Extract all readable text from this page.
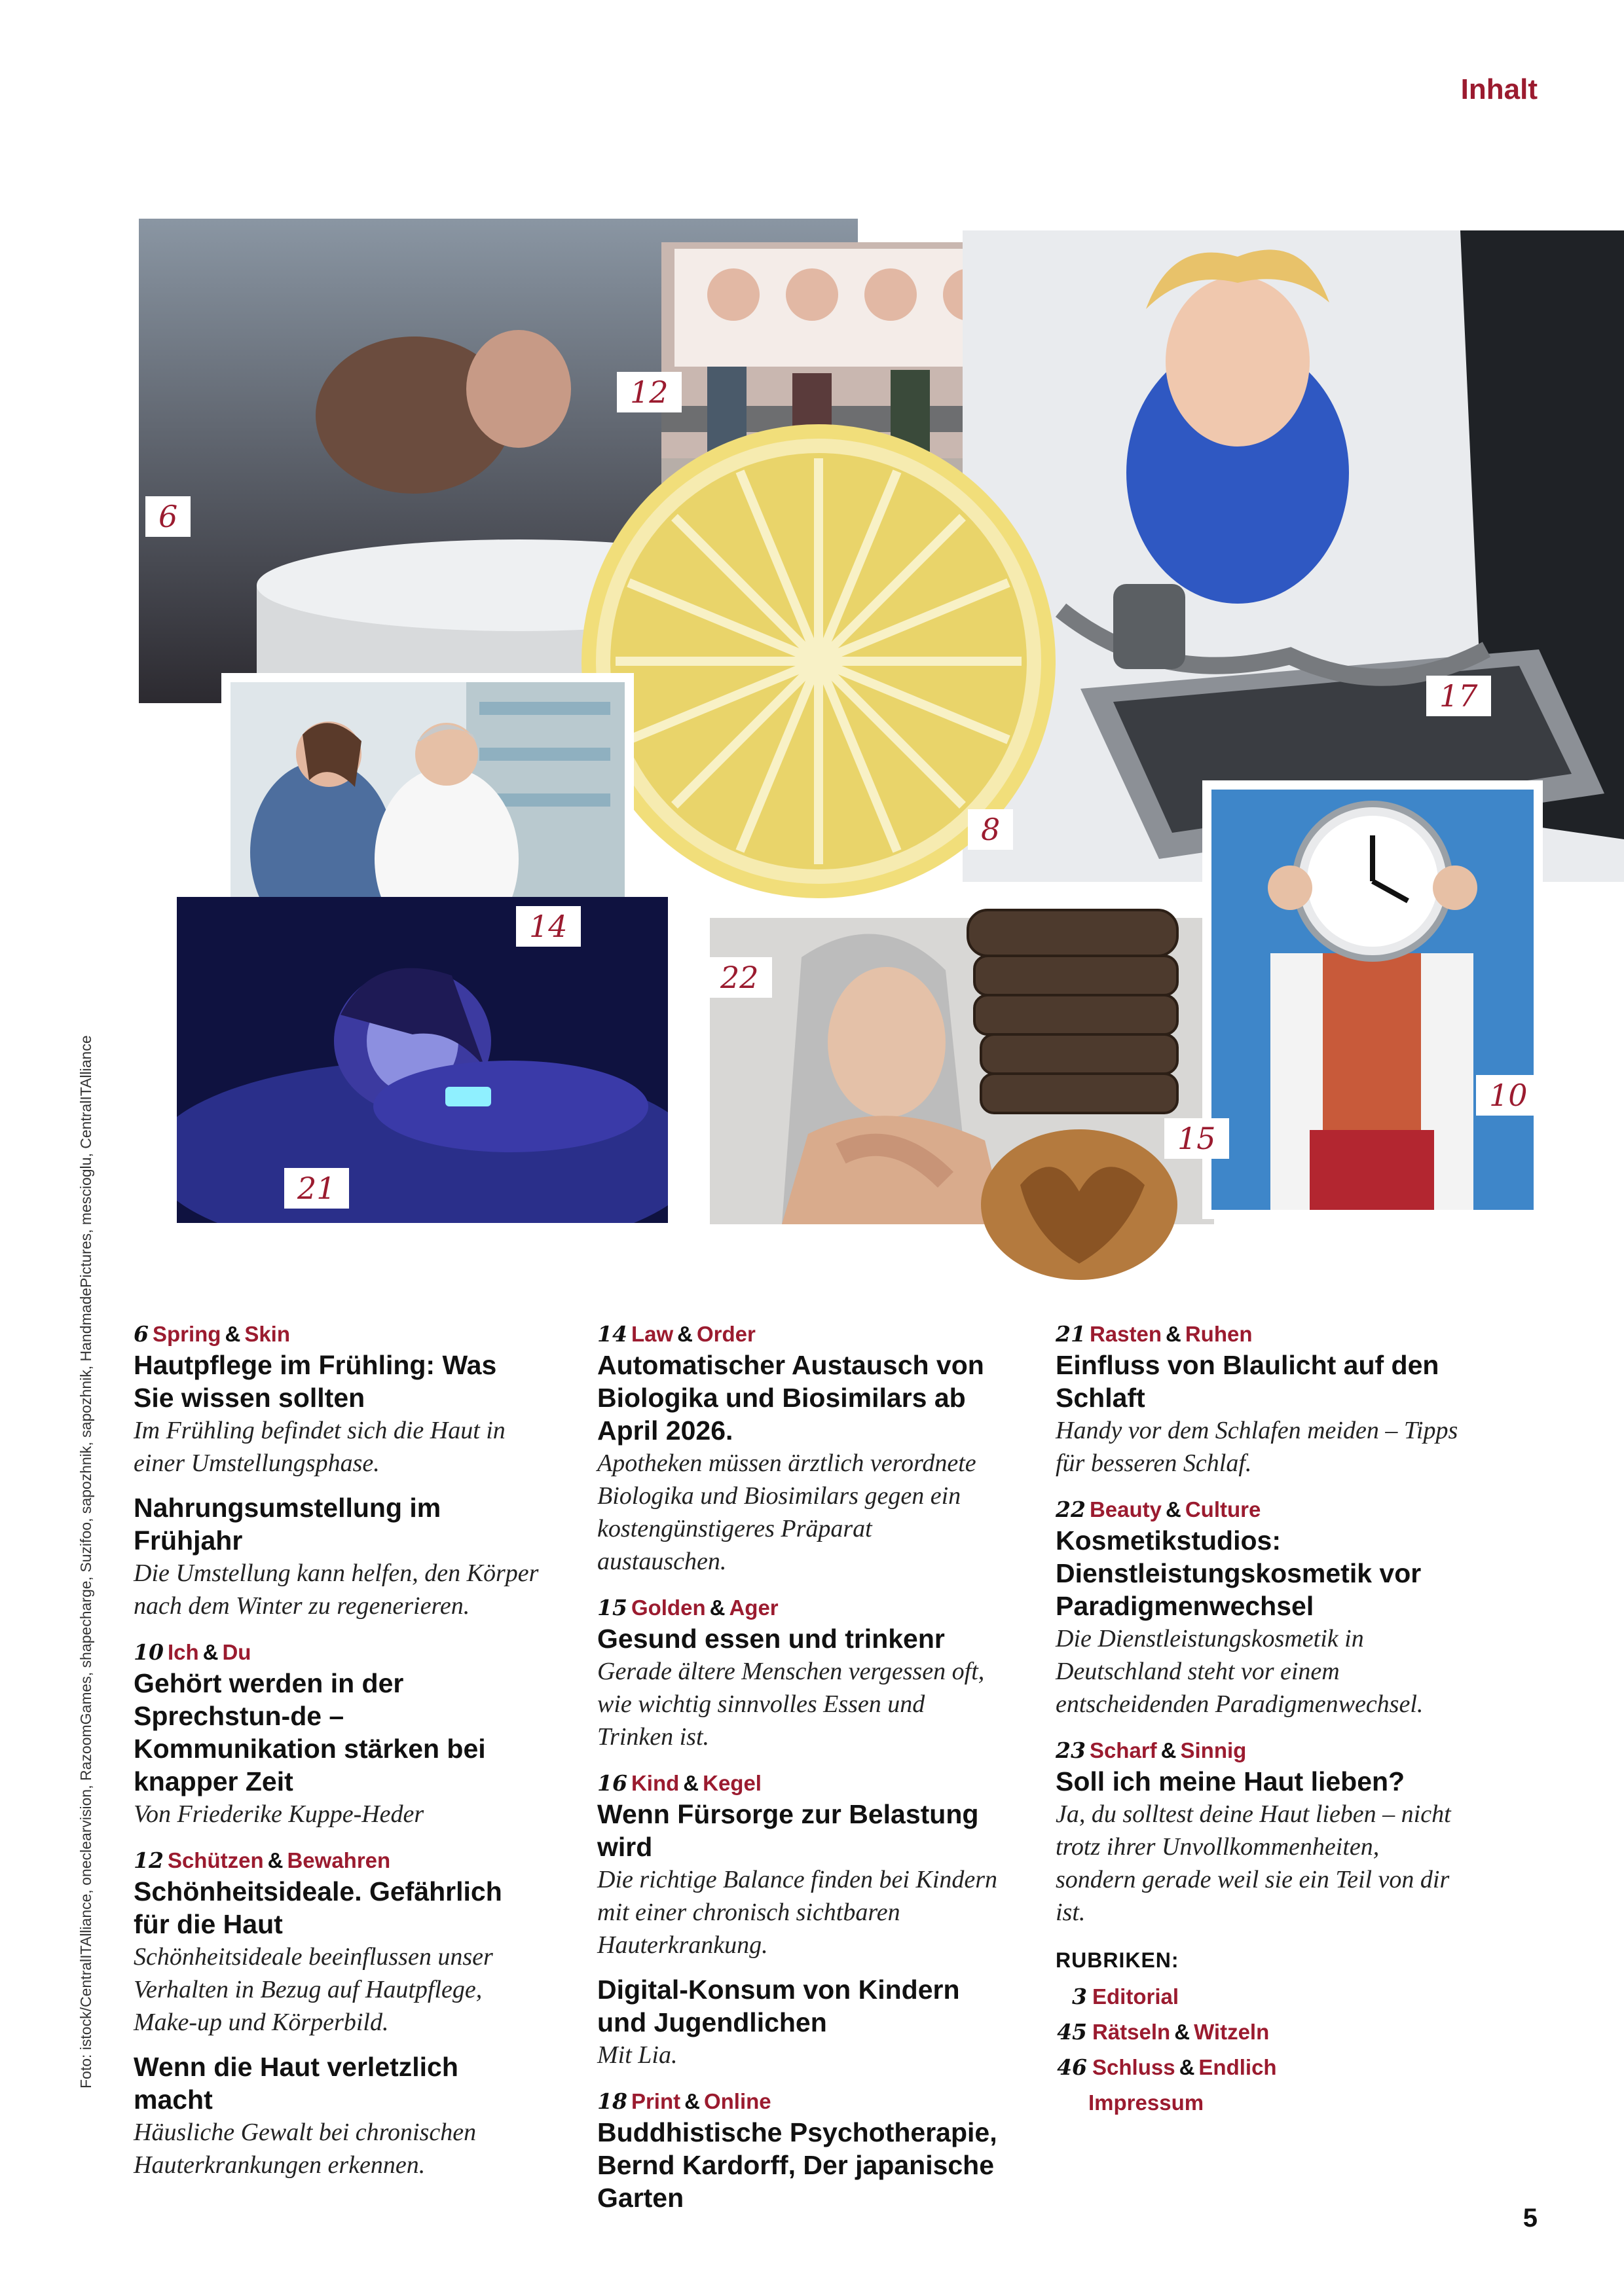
Inhalt
6
12
17
8
14
22
10
15
21
Foto: istock/CentralITAlliance, oneclearvision, RazoomGames, shapecharge, Suzifoo, sapozhnik, sapozhnik, HandmadePictures, mescioglu, CentralITAlliance 6 Spring & Skin
Hautpflege im Frühling: Was Sie wissen sollten
Im Frühling befindet sich die Haut in einer Umstellungsphase.
Nahrungsumstellung im Frühjahr
Die Umstellung kann helfen, den Körper nach dem Winter zu regenerieren.
10 Ich & Du
Gehört werden in der Sprechstun-de – Kommunikation stärken bei knapper Zeit
Von Friederike Kuppe-Heder
12 Schützen & Bewahren
Schönheitsideale. Gefährlich für die Haut
Schönheitsideale beeinflussen unser Verhalten in Bezug auf Hautpflege, Make-up und Körperbild.
Wenn die Haut verletzlich macht
Häusliche Gewalt bei chronischen Hauterkrankungen erkennen.
14 Law & Order
Automatischer Austausch von Biologika und Biosimilars ab April 2026.
Apotheken müssen ärztlich verordnete Biologika und Biosimilars gegen ein kostengünstigeres Präparat austauschen.
15 Golden & Ager
Gesund essen und trinkenr
Gerade ältere Menschen vergessen oft, wie wichtig sinnvolles Essen und Trinken ist.
16 Kind & Kegel
Wenn Fürsorge zur Belastung wird
Die richtige Balance finden bei Kindern mit einer chronisch sichtbaren Hauterkrankung.
Digital-Konsum von Kindern und Jugendlichen
Mit Lia.
18 Print & Online
Buddhistische Psychotherapie, Bernd Kardorff, Der japanische Garten
21 Rasten & Ruhen
Einfluss von Blaulicht auf den Schlaft
Handy vor dem Schlafen meiden – Tipps für besseren Schlaf.
22 Beauty & Culture
Kosmetikstudios: Dienstleistungskosmetik vor Paradigmenwechsel
Die Dienstleistungskosmetik in Deutschland steht vor einem entscheidenden Paradigmenwechsel.
23 Scharf & Sinnig
Soll ich meine Haut lieben?
Ja, du solltest deine Haut lieben – nicht trotz ihrer Unvollkommenheiten, sondern gerade weil sie ein Teil von dir ist.
RUBRIKEN:
3 Editorial
45 Rätseln & Witzeln
46 Schluss & Endlich
Impressum
5
